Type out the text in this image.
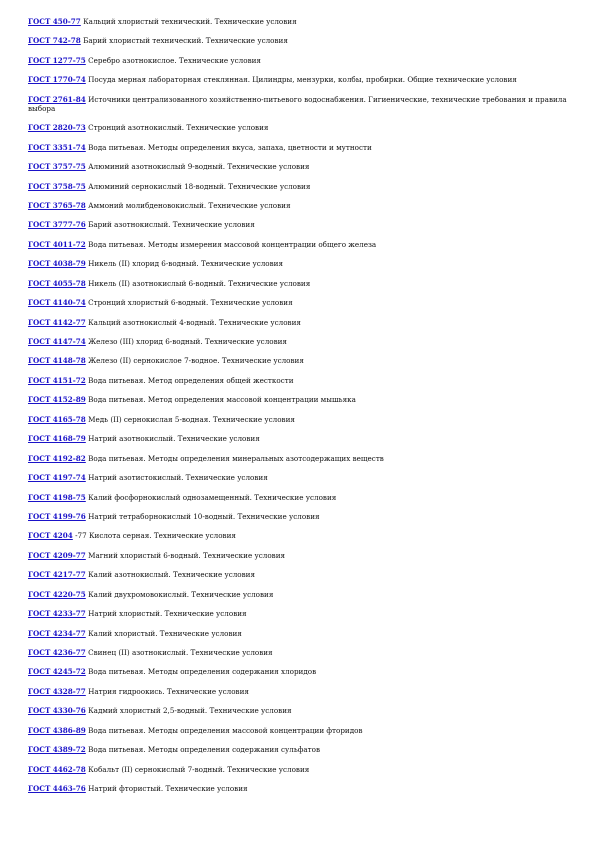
ГОСТ 450-77 Кальций хлористый технический. Технические условия
ГОСТ 742-78 Барий хлористый технический. Технические условия
ГОСТ 1277-75 Серебро азотнокислое. Технические условия
ГОСТ 1770-74 Посуда мерная лабораторная стеклянная. Цилиндры, мензурки, колбы, пробирки. Общие технические условия
ГОСТ 2761-84 Источники централизованного хозяйственно-питьевого водоснабжения. Гигиенические, технические требования и правила выбора
ГОСТ 2820-73 Стронций азотнокислый. Технические условия
ГОСТ 3351-74 Вода питьевая. Методы определения вкуса, запаха, цветности и мутности
ГОСТ 3757-75 Алюминий азотнокислый 9-водный. Технические условия
ГОСТ 3758-75 Алюминий сернокислый 18-водный. Технические условия
ГОСТ 3765-78 Аммоний молибденовокислый. Технические условия
ГОСТ 3777-76 Барий азотнокислый. Технические условия
ГОСТ 4011-72 Вода питьевая. Методы измерения массовой концентрации общего железа
ГОСТ 4038-79 Никель (II) хлорид 6-водный. Технические условия
ГОСТ 4055-78 Никель (II) азотнокислый 6-водный. Технические условия
ГОСТ 4140-74 Стронций хлористый 6-водный. Технические условия
ГОСТ 4142-77 Кальций азотнокислый 4-водный. Технические условия
ГОСТ 4147-74 Железо (III) хлорид 6-водный. Технические условия
ГОСТ 4148-78 Железо (II) сернокислое 7-водное. Технические условия
ГОСТ 4151-72 Вода питьевая. Метод определения общей жесткости
ГОСТ 4152-89 Вода питьевая. Метод определения массовой концентрации мышьяка
ГОСТ 4165-78 Медь (II) сернокислая 5-водная. Технические условия
ГОСТ 4168-79 Натрий азотнокислый. Технические условия
ГОСТ 4192-82 Вода питьевая. Методы определения минеральных азотсодержащих веществ
ГОСТ 4197-74 Натрий азотистокислый. Технические условия
ГОСТ 4198-75 Калий фосфорнокислый однозамещенный. Технические условия
ГОСТ 4199-76 Натрий тетраборнокислый 10-водный. Технические условия
ГОСТ 4204 -77 Кислота серная. Технические условия
ГОСТ 4209-77 Магний хлористый 6-водный. Технические условия
ГОСТ 4217-77 Калий азотнокислый. Технические условия
ГОСТ 4220-75 Калий двухромовокислый. Технические условия
ГОСТ 4233-77 Натрий хлористый. Технические условия
ГОСТ 4234-77 Калий хлористый. Технические условия
ГОСТ 4236-77 Свинец (II) азотнокислый. Технические условия
ГОСТ 4245-72 Вода питьевая. Методы определения содержания хлоридов
ГОСТ 4328-77 Натрия гидроокись. Технические условия
ГОСТ 4330-76 Кадмий хлористый 2,5-водный. Технические условия
ГОСТ 4386-89 Вода питьевая. Методы определения массовой концентрации фторидов
ГОСТ 4389-72 Вода питьевая. Методы определения содержания сульфатов
ГОСТ 4462-78 Кобальт (II) сернокислый 7-водный. Технические условия
ГОСТ 4463-76 Натрий фтористый. Технические условия
